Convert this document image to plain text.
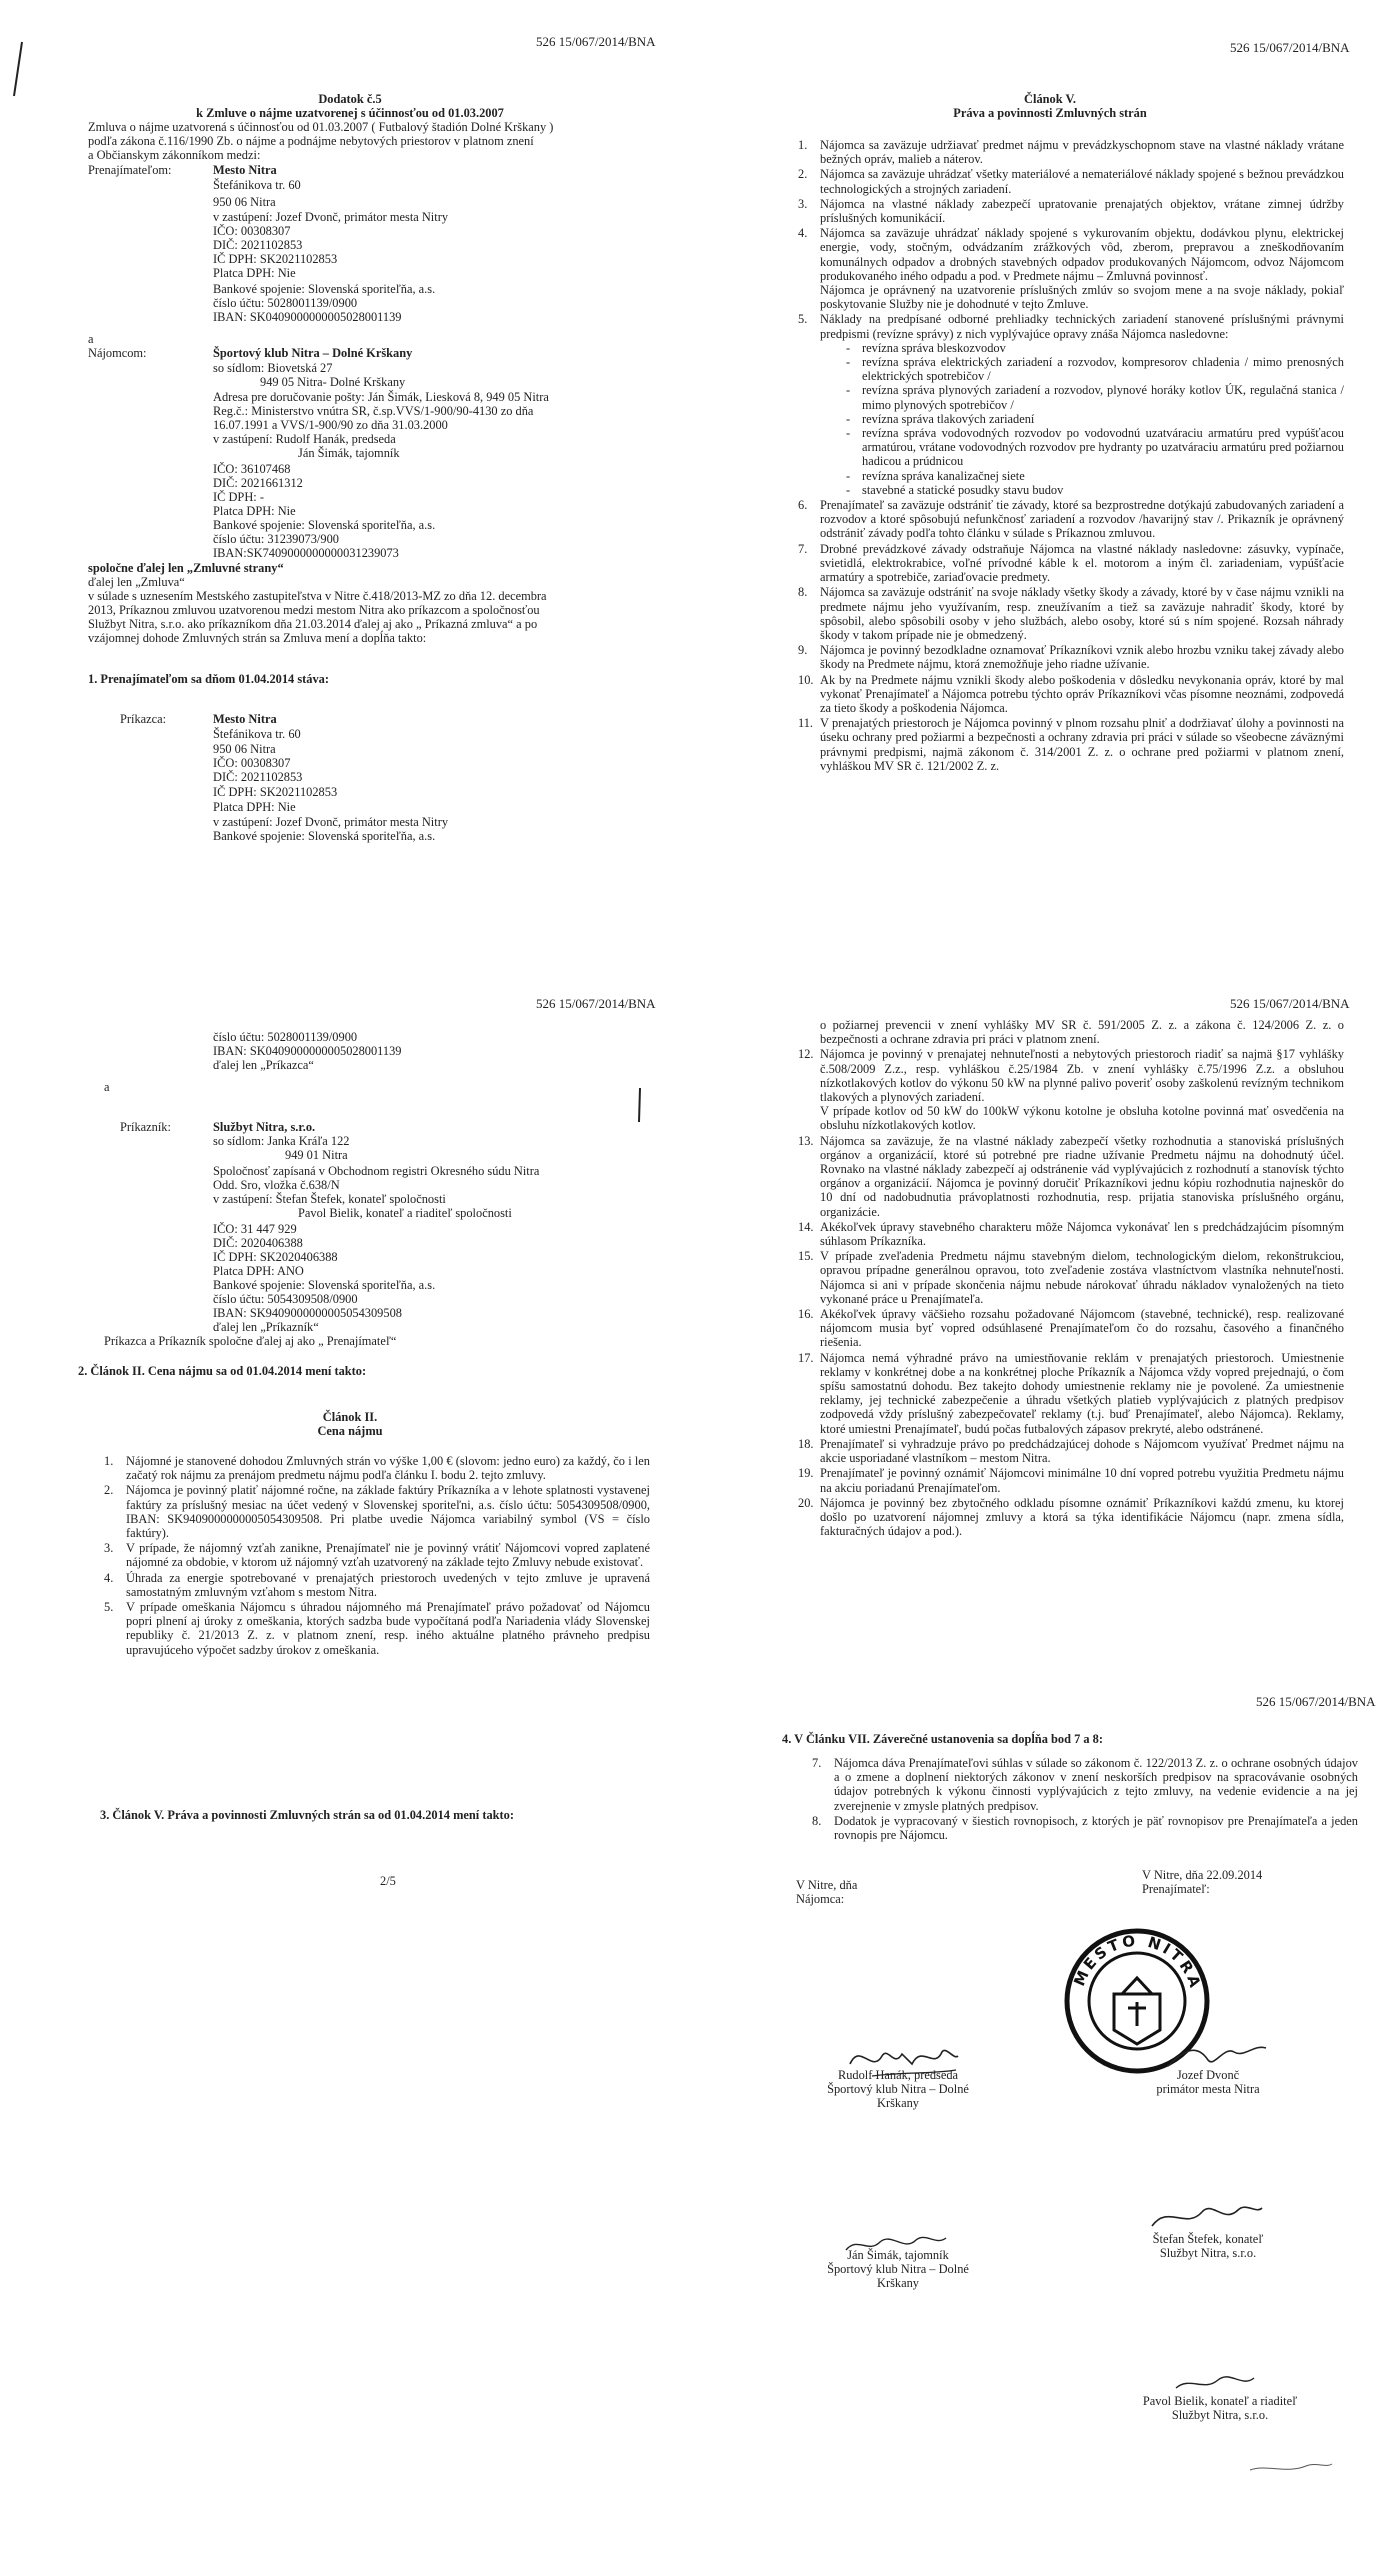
526 15/067/2014/BNA
Dodatok č.5
k Zmluve o nájme uzatvorenej s účinnosťou od 01.03.2007
Zmluva o nájme uzatvorená s účinnosťou od 01.03.2007 ( Futbalový štadión Dolné Krškany )
podľa zákona č.116/1990 Zb. o nájme a podnájme nebytových priestorov v platnom znení
a Občianskym zákonníkom medzi:
Prenajímateľom:	Mesto Nitra
Štefánikova tr. 60
950 06 Nitra
v zastúpení: Jozef Dvonč, primátor mesta Nitry
IČO: 00308307
DIČ: 2021102853
IČ DPH: SK2021102853
Platca DPH: Nie
Bankové spojenie: Slovenská sporiteľňa, a.s.
číslo účtu: 5028001139/0900
IBAN: SK0409000000005028001139
a
Nájomcom:	Športový klub Nitra – Dolné Krškany
so sídlom: Biovetská 27
949 05 Nitra- Dolné Krškany
Adresa pre doručovanie pošty: Ján Šimák, Liesková 8, 949 05 Nitra
Reg.č.: Ministerstvo vnútra SR, č.sp.VVS/1-900/90-4130 zo dňa
16.07.1991 a VVS/1-900/90 zo dňa 31.03.2000
v zastúpení: Rudolf Hanák, predseda
Ján Šimák, tajomník
IČO: 36107468
DIČ: 2021661312
IČ DPH: -
Platca DPH: Nie
Bankové spojenie: Slovenská sporiteľňa, a.s.
číslo účtu: 31239073/900
IBAN:SK7409000000000031239073
spoločne ďalej len „Zmluvné strany“
ďalej len „Zmluva“
v súlade s uznesením Mestského zastupiteľstva v Nitre č.418/2013-MZ zo dňa 12. decembra
2013, Príkaznou zmluvou uzatvorenou medzi mestom Nitra ako príkazcom a spoločnosťou
Službyt Nitra, s.r.o. ako príkazníkom dňa 21.03.2014 ďalej aj ako „ Príkazná zmluva“ a po
vzájomnej dohode Zmluvných strán sa Zmluva mení a dopĺňa takto:
1. Prenajímateľom sa dňom 01.04.2014 stáva:
Príkazca:	Mesto Nitra
Štefánikova tr. 60
950 06 Nitra
IČO: 00308307
DIČ: 2021102853
IČ DPH: SK2021102853
Platca DPH: Nie
v zastúpení: Jozef Dvonč, primátor mesta Nitry
Bankové spojenie: Slovenská sporiteľňa, a.s.
526 15/067/2014/BNA
Článok V.
Práva a povinnosti Zmluvných strán
1. Nájomca sa zaväzuje udržiavať predmet nájmu v prevádzkyschopnom stave na vlastné náklady vrátane bežných opráv, malieb a náterov.
2. Nájomca sa zaväzuje uhrádzať všetky materiálové a nemateriálové náklady spojené s bežnou prevádzkou technologických a strojných zariadení.
3. Nájomca na vlastné náklady zabezpečí upratovanie prenajatých objektov, vrátane zimnej údržby príslušných komunikácií.
4. Nájomca sa zaväzuje uhrádzať náklady spojené s vykurovaním objektu, dodávkou plynu, elektrickej energie, vody, stočným, odvádzaním zrážkových vôd, zberom, prepravou a zneškodňovaním komunálnych odpadov a drobných stavebných odpadov produkovaných Nájomcom, odvoz Nájomcom produkovaného iného odpadu a pod. v Predmete nájmu – Zmluvná povinnosť.
Nájomca je oprávnený na uzatvorenie príslušných zmlúv so svojom mene a na svoje náklady, pokiaľ poskytovanie Služby nie je dohodnuté v tejto Zmluve.
5. Náklady na predpísané odborné prehliadky technických zariadení stanovené príslušnými právnymi predpismi (revízne správy) z nich vyplývajúce opravy znáša Nájomca nasledovne:
- revízna správa bleskozvodov
- revízna správa elektrických zariadení a rozvodov, kompresorov chladenia / mimo prenosných elektrických spotrebičov /
- revízna správa plynových zariadení a rozvodov, plynové horáky kotlov ÚK, regulačná stanica / mimo plynových spotrebičov /
- revízna správa tlakových zariadení
- revízna správa vodovodných rozvodov po vodovodnú uzatváraciu armatúru pred vypúšťacou armatúrou, vrátane vodovodných rozvodov pre hydranty po uzatváraciu armatúru pred požiarnou hadicou a prúdnicou
- revízna správa kanalizačnej siete
- stavebné a statické posudky stavu budov
6. Prenajímateľ sa zaväzuje odstrániť tie závady, ktoré sa bezprostredne dotýkajú zabudovaných zariadení a rozvodov a ktoré spôsobujú nefunkčnosť zariadení a rozvodov /havarijný stav /. Prikazník je oprávnený odstrániť závady podľa tohto článku v súlade s Príkaznou zmluvou.
7. Drobné prevádzkové závady odstraňuje Nájomca na vlastné náklady nasledovne: zásuvky, vypínače, svietidlá, elektrokrabice, voľné prívodné káble k el. motorom a iným čl. zariadeniam, vypúšťacie armatúry a spotrebiče, zariaďovacie predmety.
8. Nájomca sa zaväzuje odstrániť na svoje náklady všetky škody a závady, ktoré by v čase nájmu vznikli na predmete nájmu jeho využívaním, resp. zneužívaním a tiež sa zaväzuje nahradiť škody, ktoré by spôsobil, alebo spôsobili osoby v jeho službách, alebo osoby, ktoré sú s ním spojené. Rozsah náhrady škody v takom prípade nie je obmedzený.
9. Nájomca je povinný bezodkladne oznamovať Príkazníkovi vznik alebo hrozbu vzniku takej závady alebo škody na Predmete nájmu, ktorá znemožňuje jeho riadne užívanie.
10. Ak by na Predmete nájmu vznikli škody alebo poškodenia v dôsledku nevykonania opráv, ktoré by mal vykonať Prenajímateľ a Nájomca potrebu týchto opráv Príkazníkovi včas písomne neoznámi, zodpovedá za tieto škody a poškodenia Nájomca.
11. V prenajatých priestoroch je Nájomca povinný v plnom rozsahu plniť a dodržiavať úlohy a povinnosti na úseku ochrany pred požiarmi a bezpečnosti a ochrany zdravia pri práci v súlade so všeobecne záväznými právnymi predpismi, najmä zákonom č. 314/2001 Z. z. o ochrane pred požiarmi v platnom znení, vyhláškou MV SR č. 121/2002 Z. z.
526 15/067/2014/BNA
číslo účtu: 5028001139/0900
IBAN: SK0409000000005028001139
ďalej len „Príkazca“
a
Príkazník:	Službyt Nitra, s.r.o.
so sídlom: Janka Kráľa 122
949 01 Nitra
Spoločnosť zapísaná v Obchodnom registri Okresného súdu Nitra
Odd. Sro, vložka č.638/N
v zastúpení: Štefan Štefek, konateľ spoločnosti
Pavol Bielik, konateľ a riaditeľ spoločnosti
IČO: 31 447 929
DIČ: 2020406388
IČ DPH: SK2020406388
Platca DPH: ANO
Bankové spojenie: Slovenská sporiteľňa, a.s.
číslo účtu: 5054309508/0900
IBAN: SK9409000000005054309508
ďalej len „Príkazník“
Príkazca a Príkazník spoločne ďalej aj ako „ Prenajímateľ“
2. Článok II. Cena nájmu sa od 01.04.2014 mení takto:
Článok II.
Cena nájmu
1. Nájomné je stanovené dohodou Zmluvných strán vo výške 1,00 € (slovom: jedno euro) za každý, čo i len začatý rok nájmu za prenájom predmetu nájmu podľa článku I. bodu 2. tejto zmluvy.
2. Nájomca je povinný platiť nájomné ročne, na základe faktúry Príkazníka a v lehote splatnosti vystavenej faktúry za príslušný mesiac na účet vedený v Slovenskej sporiteľni, a.s. číslo účtu: 5054309508/0900, IBAN: SK9409000000005054309508. Pri platbe uvedie Nájomca variabilný symbol (VS = číslo faktúry).
3. V prípade, že nájomný vzťah zanikne, Prenajímateľ nie je povinný vrátiť Nájomcovi vopred zaplatené nájomné za obdobie, v ktorom už nájomný vzťah uzatvorený na základe tejto Zmluvy nebude existovať.
4. Úhrada za energie spotrebované v prenajatých priestoroch uvedených v tejto zmluve je upravená samostatným zmluvným vzťahom s mestom Nitra.
5. V prípade omeškania Nájomcu s úhradou nájomného má Prenajímateľ právo požadovať od Nájomcu popri plnení aj úroky z omeškania, ktorých sadzba bude vypočítaná podľa Nariadenia vlády Slovenskej republiky č. 21/2013 Z. z. v platnom znení, resp. iného aktuálne platného právneho predpisu upravujúceho výpočet sadzby úrokov z omeškania.
3. Článok V. Práva a povinnosti Zmluvných strán sa od 01.04.2014 mení takto:
2/5
526 15/067/2014/BNA
o požiarnej prevencii v znení vyhlášky MV SR č. 591/2005 Z. z. a zákona č. 124/2006 Z. z. o bezpečnosti a ochrane zdravia pri práci v platnom znení.
12. Nájomca je povinný v prenajatej nehnuteľnosti a nebytových priestoroch riadiť sa najmä §17 vyhlášky č.508/2009 Z.z., resp. vyhláškou č.25/1984 Zb. v znení vyhlášky č.75/1996 Z.z. a obsluhou nízkotlakových kotlov do výkonu 50 kW na plynné palivo poveriť osoby zaškolenú revízným technikom tlakových a plynových zariadení.
V prípade kotlov od 50 kW do 100kW výkonu kotolne je obsluha kotolne povinná mať osvedčenia na obsluhu nízkotlakových kotlov.
13. Nájomca sa zaväzuje, že na vlastné náklady zabezpečí všetky rozhodnutia a stanoviská príslušných orgánov a organizácií, ktoré sú potrebné pre riadne užívanie Predmetu nájmu na dohodnutý účel. Rovnako na vlastné náklady zabezpečí aj odstránenie vád vyplývajúcich z rozhodnutí a stanovísk týchto orgánov a organizácií. Nájomca je povinný doručiť Príkazníkovi jednu kópiu rozhodnutia najneskôr do 10 dní od nadobudnutia právoplatnosti rozhodnutia, resp. prijatia stanoviska príslušného orgánu, organizácie.
14. Akékoľvek úpravy stavebného charakteru môže Nájomca vykonávať len s predchádzajúcim písomným súhlasom Príkazníka.
15. V prípade zveľadenia Predmetu nájmu stavebným dielom, technologickým dielom, rekonštrukciou, opravou prípadne generálnou opravou, toto zveľadenie zostáva vlastníctvom vlastníka nehnuteľnosti. Nájomca si ani v prípade skončenia nájmu nebude nárokovať úhradu nákladov vynaložených na tieto vykonané práce u Prenajímateľa.
16. Akékoľvek úpravy väčšieho rozsahu požadované Nájomcom (stavebné, technické), resp. realizované nájomcom musia byť vopred odsúhlasené Prenajímateľom čo do rozsahu, časového a finančného riešenia.
17. Nájomca nemá výhradné právo na umiestňovanie reklám v prenajatých priestoroch. Umiestnenie reklamy v konkrétnej dobe a na konkrétnej ploche Príkazník a Nájomca vždy vopred prejednajú, o čom spíšu samostatnú dohodu. Bez takejto dohody umiestnenie reklamy nie je povolené. Za umiestnenie reklamy, jej technické zabezpečenie a úhradu všetkých platieb vyplývajúcich z platných predpisov zodpovedá vždy príslušný zabezpečovateľ reklamy (t.j. buď Prenajímateľ, alebo Nájomca). Reklamy, ktoré umiestni Prenajímateľ, budú počas futbalových zápasov prekryté, alebo odstránené.
18. Prenajímateľ si vyhradzuje právo po predchádzajúcej dohode s Nájomcom využívať Predmet nájmu na akcie usporiadané vlastníkom – mestom Nitra.
19. Prenajímateľ je povinný oznámiť Nájomcovi minimálne 10 dní vopred potrebu využitia Predmetu nájmu na akciu poriadanú Prenajímateľom.
20. Nájomca je povinný bez zbytočného odkladu písomne oznámiť Príkazníkovi každú zmenu, ku ktorej došlo po uzatvorení nájomnej zmluvy a ktorá sa týka identifikácie Nájomcu (napr. zmena sídla, fakturačných údajov a pod.).
526 15/067/2014/BNA
4. V Článku VII. Záverečné ustanovenia sa dopĺňa bod 7 a 8:
7. Nájomca dáva Prenajímateľovi súhlas v súlade so zákonom č. 122/2013 Z. z. o ochrane osobných údajov a o zmene a doplnení niektorých zákonov v znení neskorších predpisov na spracovávanie osobných údajov potrebných k výkonu činnosti vyplývajúcich z tejto zmluvy, na vedenie evidencie a na jej zverejnenie v zmysle platných predpisov.
8. Dodatok je vypracovaný v šiestich rovnopisoch, z ktorých je päť rovnopisov pre Prenajímateľa a jeden rovnopis pre Nájomcu.
V Nitre, dňa
Nájomca:
V Nitre, dňa 22.09.2014
Prenajímateľ:
MESTO NITRA
Rudolf Hanák, predseda
Športový klub Nitra – Dolné Krškany
Jozef Dvonč
primátor mesta Nitra
Ján Šimák, tajomník
Športový klub Nitra – Dolné Krškany
Štefan Štefek, konateľ
Službyt Nitra, s.r.o.
Pavol Bielik, konateľ a riaditeľ
Službyt Nitra, s.r.o.
